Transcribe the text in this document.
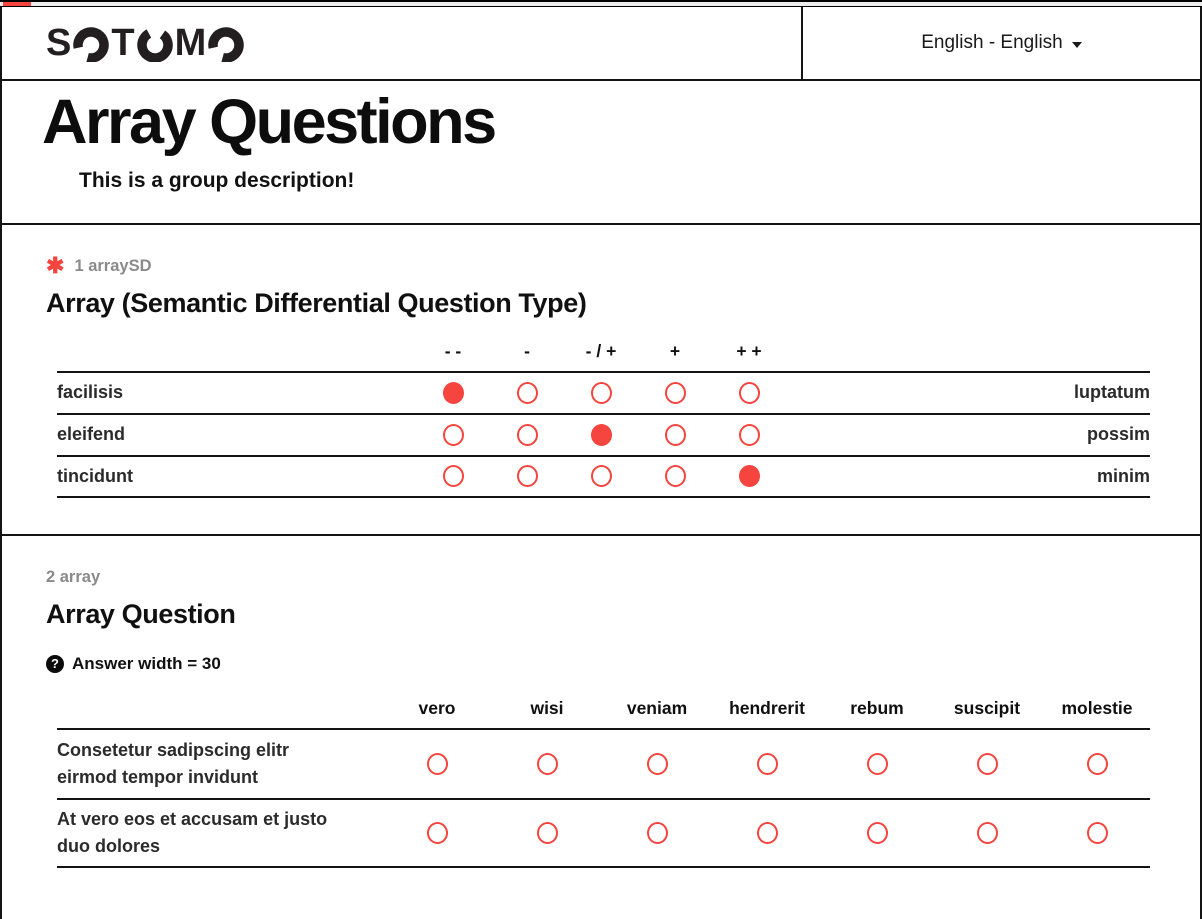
S T M	English - English
Array Questions

This is a group description!

✱ 1 arraySD
Array (Semantic Differential Question Type)
- -	-	- / +	+	+ +
facilisis	luptatum
eleifend	possim
tincidunt	minim
2 array
Array Question
? Answer width = 30
vero	wisi	veniam	hendrerit	rebum	suscipit	molestie
Consetetur sadipscing elitr eirmod tempor invidunt
At vero eos et accusam et justo duo dolores
